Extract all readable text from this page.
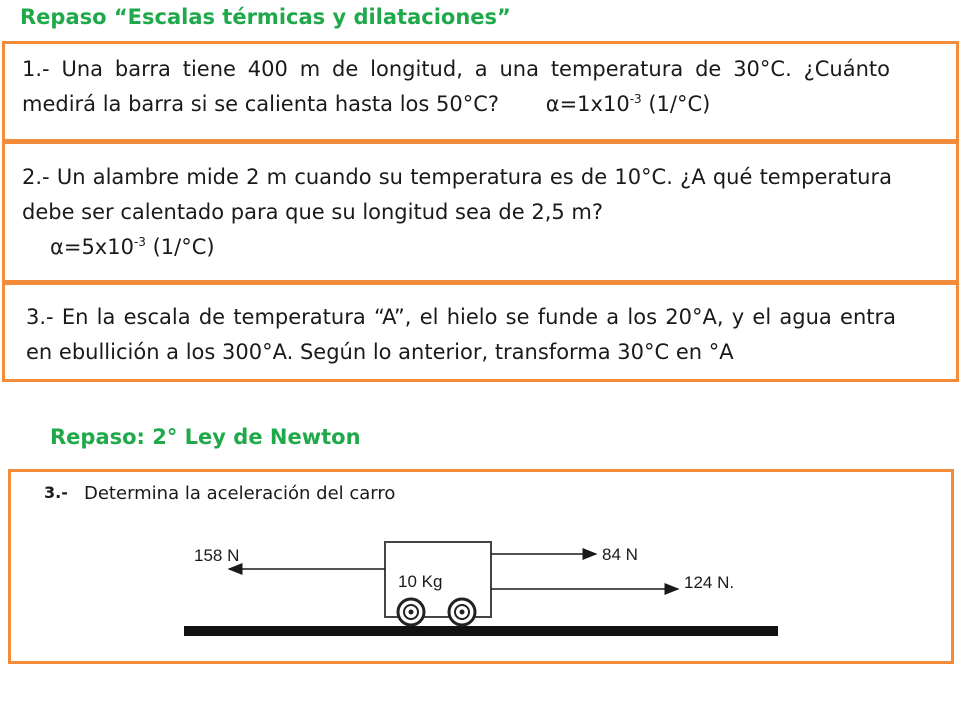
Repaso “Escalas térmicas y dilataciones”

1.- Una barra tiene 400 m de longitud, a una temperatura de 30°C. ¿Cuánto medirá la barra si se calienta hasta los 50°C? $\alpha=1x10^{-3}$ (1/°C)

2.- Un alambre mide 2 m cuando su temperatura es de 10°C. ¿A qué temperatura debe ser calentado para que su longitud sea de 2,5 m?

$\alpha=5x10^{-3}$ (1/°C)

3.- En la escala de temperatura “A”, el hielo se funde a los 20°A, y el agua entra en ebullición a los 300°A. Según lo anterior, transforma 30°C en °A

Repaso: 2° Ley de Newton
3.- Determina la aceleración del carro
10 Kg
158 N	84 N
124 N.
